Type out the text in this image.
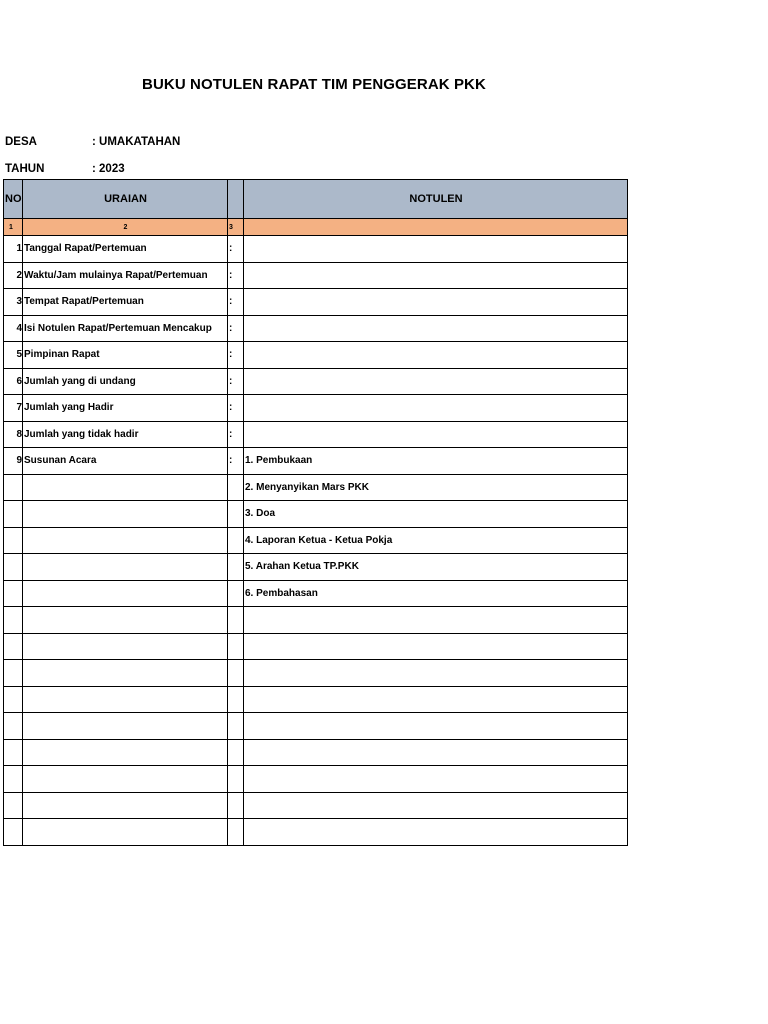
BUKU NOTULEN RAPAT TIM PENGGERAK PKK
DESA	: UMAKATAHAN
TAHUN	: 2023
NO	URAIAN		NOTULEN
1	2	3	
1	Tanggal Rapat/Pertemuan	:	
2	Waktu/Jam mulainya Rapat/Pertemuan	:	
3	Tempat Rapat/Pertemuan	:	
4	Isi Notulen Rapat/Pertemuan Mencakup	:	
5	Pimpinan Rapat	:	
6	Jumlah yang di undang	:	
7	Jumlah yang Hadir	:	
8	Jumlah yang tidak hadir	:	
9	Susunan Acara	:	1. Pembukaan
			2. Menyanyikan Mars PKK
			3. Doa
			4. Laporan Ketua - Ketua Pokja
			5. Arahan Ketua TP.PKK
			6. Pembahasan
